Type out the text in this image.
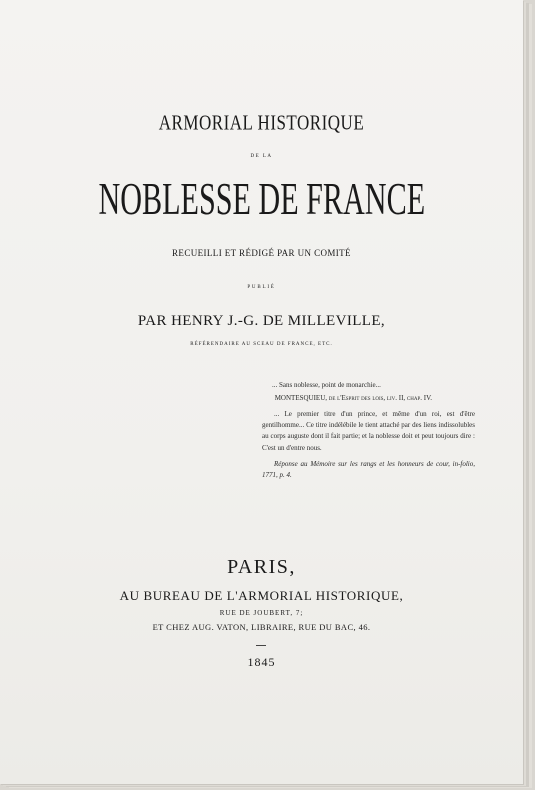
ARMORIAL HISTORIQUE
DE LA
NOBLESSE DE FRANCE
RECUEILLI ET RÉDIGÉ PAR UN COMITÉ
PUBLIÉ
PAR HENRY J.-G. DE MILLEVILLE,
RÉFÉRENDAIRE AU SCEAU DE FRANCE, ETC.
... Sans noblesse, point de monarchie...
MONTESQUIEU, de l'Esprit des lois, liv. II, chap. IV.
... Le premier titre d'un prince, et même d'un roi, est d'être gentilhomme... Ce titre indélébile le tient attaché par des liens indissolubles au corps auguste dont il fait partie; et la noblesse doit et peut toujours dire : C'est un d'entre nous.
Réponse au Mémoire sur les rangs et les honneurs de cour, in-folio, 1771, p. 4.
PARIS,
AU BUREAU DE L'ARMORIAL HISTORIQUE,
RUE DE JOUBERT, 7;
ET CHEZ AUG. VATON, LIBRAIRE, RUE DU BAC, 46.
1845
